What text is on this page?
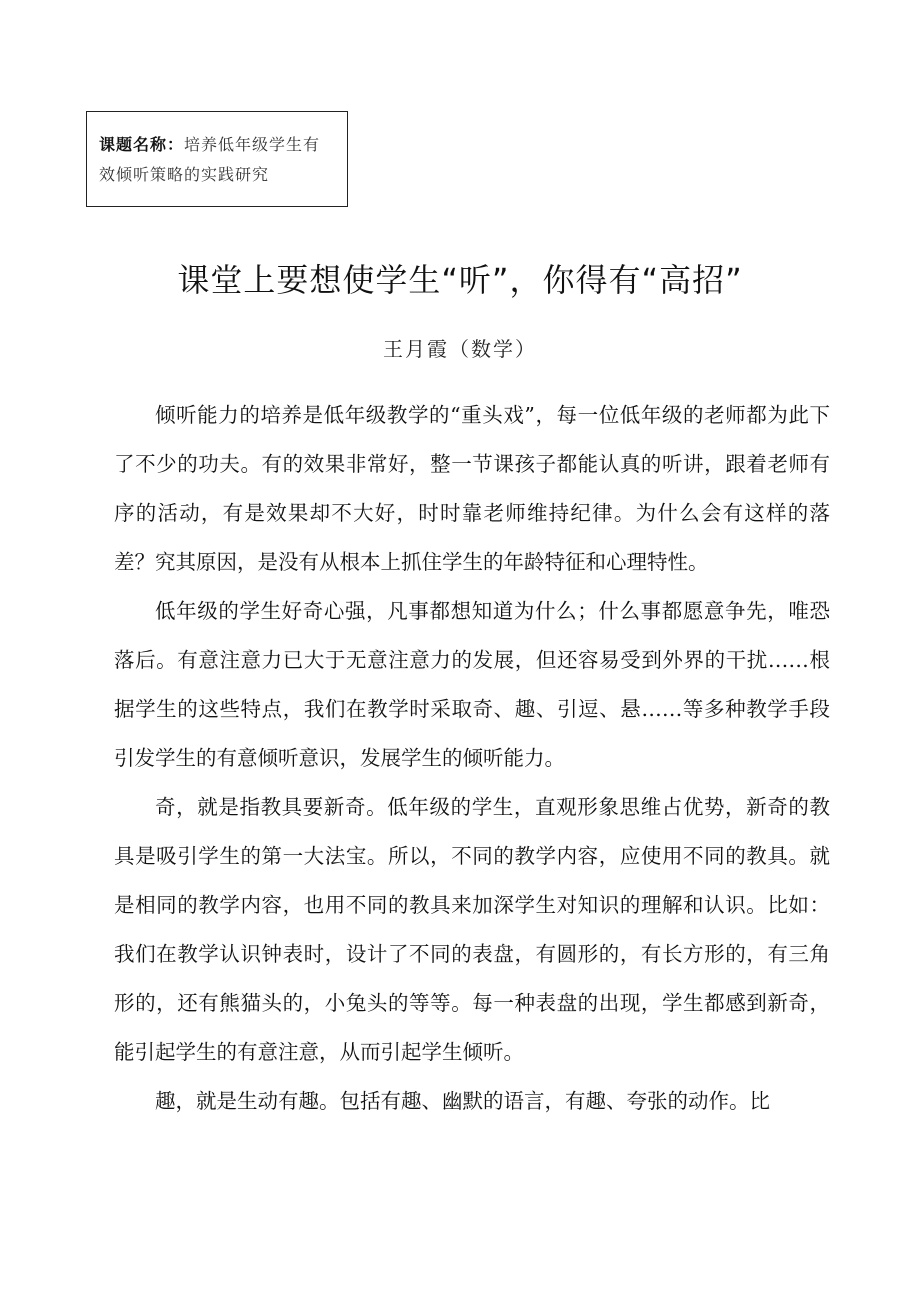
课题名称：培养低年级学生有效倾听策略的实践研究
课堂上要想使学生“听”，你得有“高招”
王月霞（数学）

倾听能力的培养是低年级教学的“重头戏”，每一位低年级的老师都为此下了不少的功夫。有的效果非常好，整一节课孩子都能认真的听讲，跟着老师有序的活动，有是效果却不大好，时时靠老师维持纪律。为什么会有这样的落差？究其原因，是没有从根本上抓住学生的年龄特征和心理特性。

低年级的学生好奇心强，凡事都想知道为什么；什么事都愿意争先，唯恐落后。有意注意力已大于无意注意力的发展，但还容易受到外界的干扰……根据学生的这些特点，我们在教学时采取奇、趣、引逗、悬……等多种教学手段引发学生的有意倾听意识，发展学生的倾听能力。

奇，就是指教具要新奇。低年级的学生，直观形象思维占优势，新奇的教具是吸引学生的第一大法宝。所以，不同的教学内容，应使用不同的教具。就是相同的教学内容，也用不同的教具来加深学生对知识的理解和认识。比如：我们在教学认识钟表时，设计了不同的表盘，有圆形的，有长方形的，有三角形的，还有熊猫头的，小兔头的等等。每一种表盘的出现，学生都感到新奇，能引起学生的有意注意，从而引起学生倾听。

趣，就是生动有趣。包括有趣、幽默的语言，有趣、夸张的动作。比
